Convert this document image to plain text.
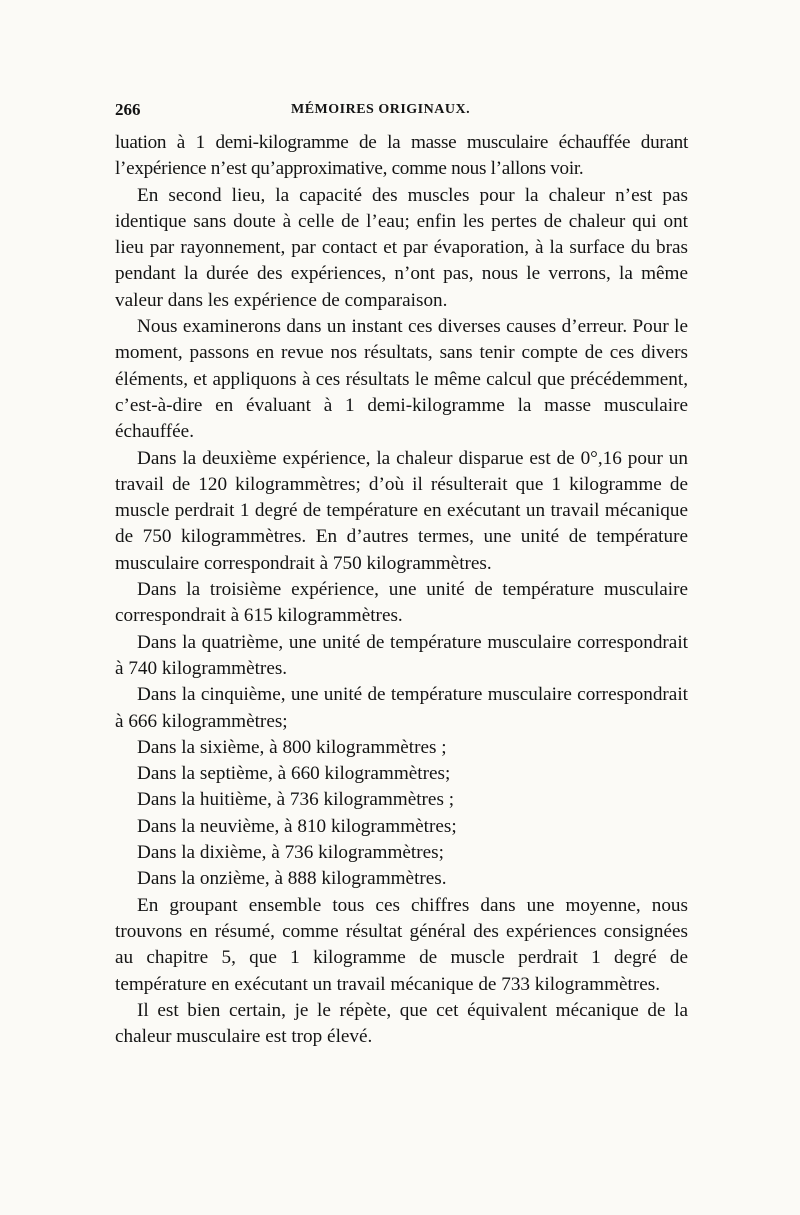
266	MÉMOIRES ORIGINAUX.

luation à 1 demi-kilogramme de la masse musculaire échauffée durant l’expérience n’est qu’approximative, comme nous l’allons voir.

En second lieu, la capacité des muscles pour la chaleur n’est pas identique sans doute à celle de l’eau; enfin les pertes de chaleur qui ont lieu par rayonnement, par contact et par évaporation, à la surface du bras pendant la durée des expériences, n’ont pas, nous le verrons, la même valeur dans les expérience de comparaison.

Nous examinerons dans un instant ces diverses causes d’erreur. Pour le moment, passons en revue nos résultats, sans tenir compte de ces divers éléments, et appliquons à ces résultats le même calcul que précédemment, c’est-à-dire en évaluant à 1 demi-kilogramme la masse musculaire échauffée.

Dans la deuxième expérience, la chaleur disparue est de 0°,16 pour un travail de 120 kilogrammètres; d’où il résulterait que 1 kilogramme de muscle perdrait 1 degré de température en exécutant un travail mécanique de 750 kilogrammètres. En d’autres termes, une unité de température musculaire correspondrait à 750 kilogrammètres.

Dans la troisième expérience, une unité de température musculaire correspondrait à 615 kilogrammètres.

Dans la quatrième, une unité de température musculaire correspondrait à 740 kilogrammètres.

Dans la cinquième, une unité de température musculaire correspondrait à 666 kilogrammètres;

Dans la sixième, à 800 kilogrammètres ;

Dans la septième, à 660 kilogrammètres;

Dans la huitième, à 736 kilogrammètres ;

Dans la neuvième, à 810 kilogrammètres;

Dans la dixième, à 736 kilogrammètres;

Dans la onzième, à 888 kilogrammètres.

En groupant ensemble tous ces chiffres dans une moyenne, nous trouvons en résumé, comme résultat général des expériences consignées au chapitre 5, que 1 kilogramme de muscle perdrait 1 degré de température en exécutant un travail mécanique de 733 kilogrammètres.

Il est bien certain, je le répète, que cet équivalent mécanique de la chaleur musculaire est trop élevé.
